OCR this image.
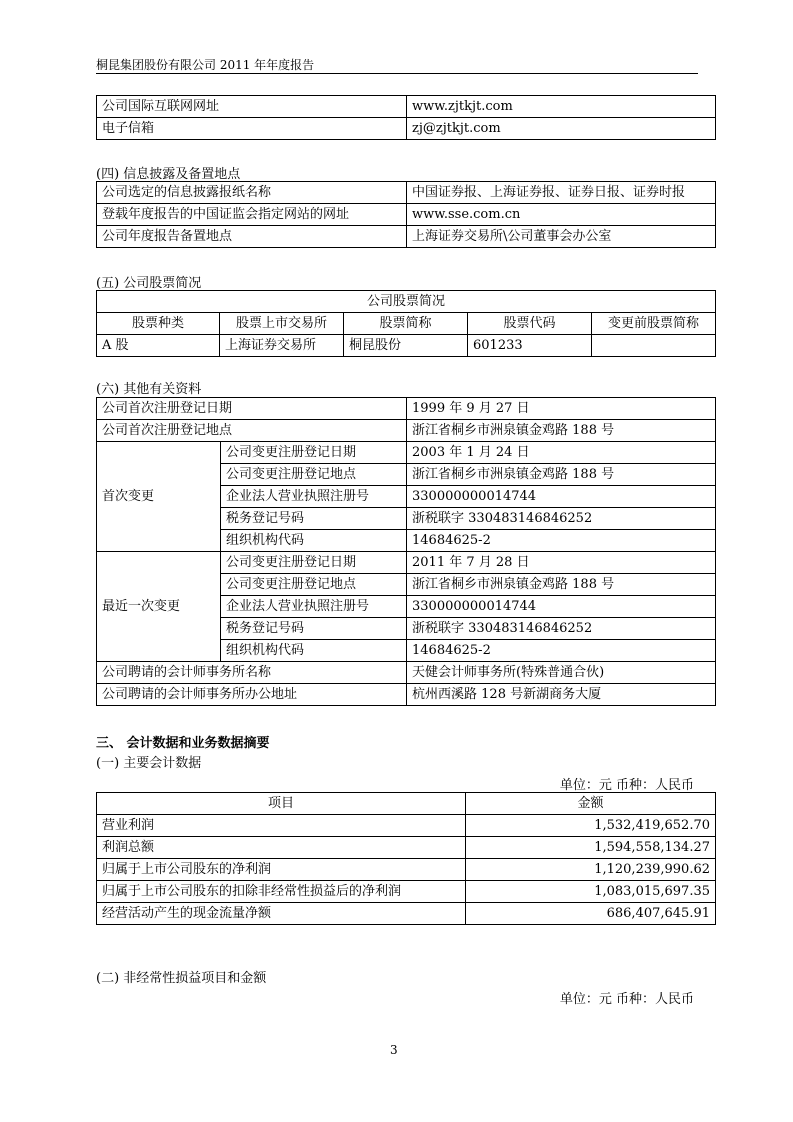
桐昆集团股份有限公司 2011 年年度报告
公司国际互联网网址	www.zjtkjt.com
电子信箱	zj@zjtkjt.com
(四) 信息披露及备置地点
公司选定的信息披露报纸名称	中国证券报、上海证券报、证券日报、证券时报
登载年度报告的中国证监会指定网站的网址	www.sse.com.cn
公司年度报告备置地点	上海证券交易所\公司董事会办公室
(五) 公司股票简况
公司股票简况				
股票种类	股票上市交易所	股票简称	股票代码	变更前股票简称
A 股	上海证券交易所	桐昆股份	601233	
(六) 其他有关资料
公司首次注册登记日期		1999 年 9 月 27 日
公司首次注册登记地点		浙江省桐乡市洲泉镇金鸡路 188 号
首次变更	公司变更注册登记日期	2003 年 1 月 24 日
	公司变更注册登记地点	浙江省桐乡市洲泉镇金鸡路 188 号
	企业法人营业执照注册号	330000000014744
	税务登记号码	浙税联字 330483146846252
	组织机构代码	14684625-2
最近一次变更	公司变更注册登记日期	2011 年 7 月 28 日
	公司变更注册登记地点	浙江省桐乡市洲泉镇金鸡路 188 号
	企业法人营业执照注册号	330000000014744
	税务登记号码	浙税联字 330483146846252
	组织机构代码	14684625-2
公司聘请的会计师事务所名称		天健会计师事务所(特殊普通合伙)
公司聘请的会计师事务所办公地址		杭州西溪路 128 号新湖商务大厦
三、 会计数据和业务数据摘要
(一) 主要会计数据
单位：元 币种：人民币
项目	金额
营业利润	1,532,419,652.70
利润总额	1,594,558,134.27
归属于上市公司股东的净利润	1,120,239,990.62
归属于上市公司股东的扣除非经常性损益后的净利润	1,083,015,697.35
经营活动产生的现金流量净额	686,407,645.91
(二) 非经常性损益项目和金额
单位：元 币种：人民币
3
